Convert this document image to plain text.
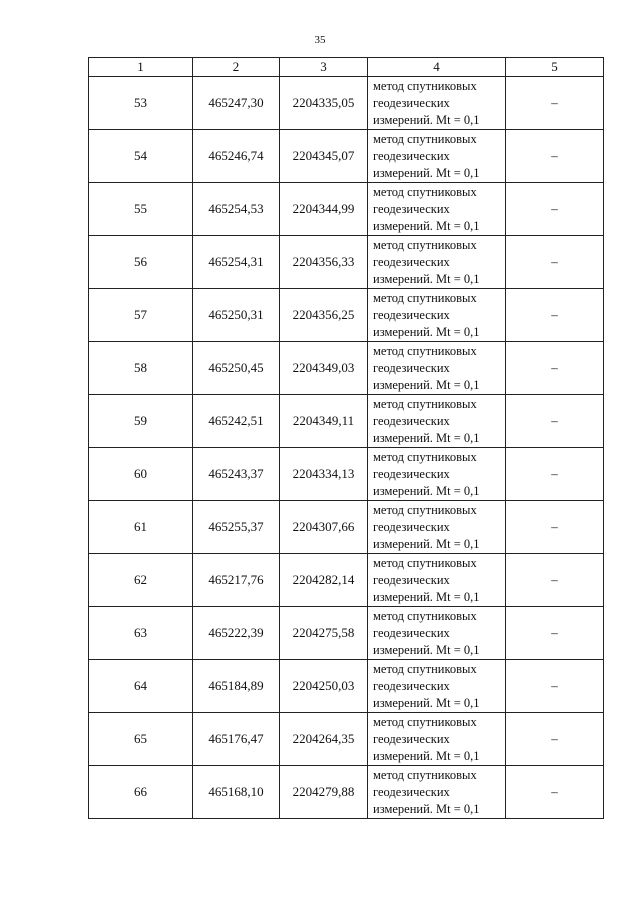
35
1	2	3	4	5
53	465247,30	2204335,05	метод спутниковых
геодезических
измерений. Mt = 0,1	–
54	465246,74	2204345,07	метод спутниковых
геодезических
измерений. Mt = 0,1	–
55	465254,53	2204344,99	метод спутниковых
геодезических
измерений. Mt = 0,1	–
56	465254,31	2204356,33	метод спутниковых
геодезических
измерений. Mt = 0,1	–
57	465250,31	2204356,25	метод спутниковых
геодезических
измерений. Mt = 0,1	–
58	465250,45	2204349,03	метод спутниковых
геодезических
измерений. Mt = 0,1	–
59	465242,51	2204349,11	метод спутниковых
геодезических
измерений. Mt = 0,1	–
60	465243,37	2204334,13	метод спутниковых
геодезических
измерений. Mt = 0,1	–
61	465255,37	2204307,66	метод спутниковых
геодезических
измерений. Mt = 0,1	–
62	465217,76	2204282,14	метод спутниковых
геодезических
измерений. Mt = 0,1	–
63	465222,39	2204275,58	метод спутниковых
геодезических
измерений. Mt = 0,1	–
64	465184,89	2204250,03	метод спутниковых
геодезических
измерений. Mt = 0,1	–
65	465176,47	2204264,35	метод спутниковых
геодезических
измерений. Mt = 0,1	–
66	465168,10	2204279,88	метод спутниковых
геодезических
измерений. Mt = 0,1	–
